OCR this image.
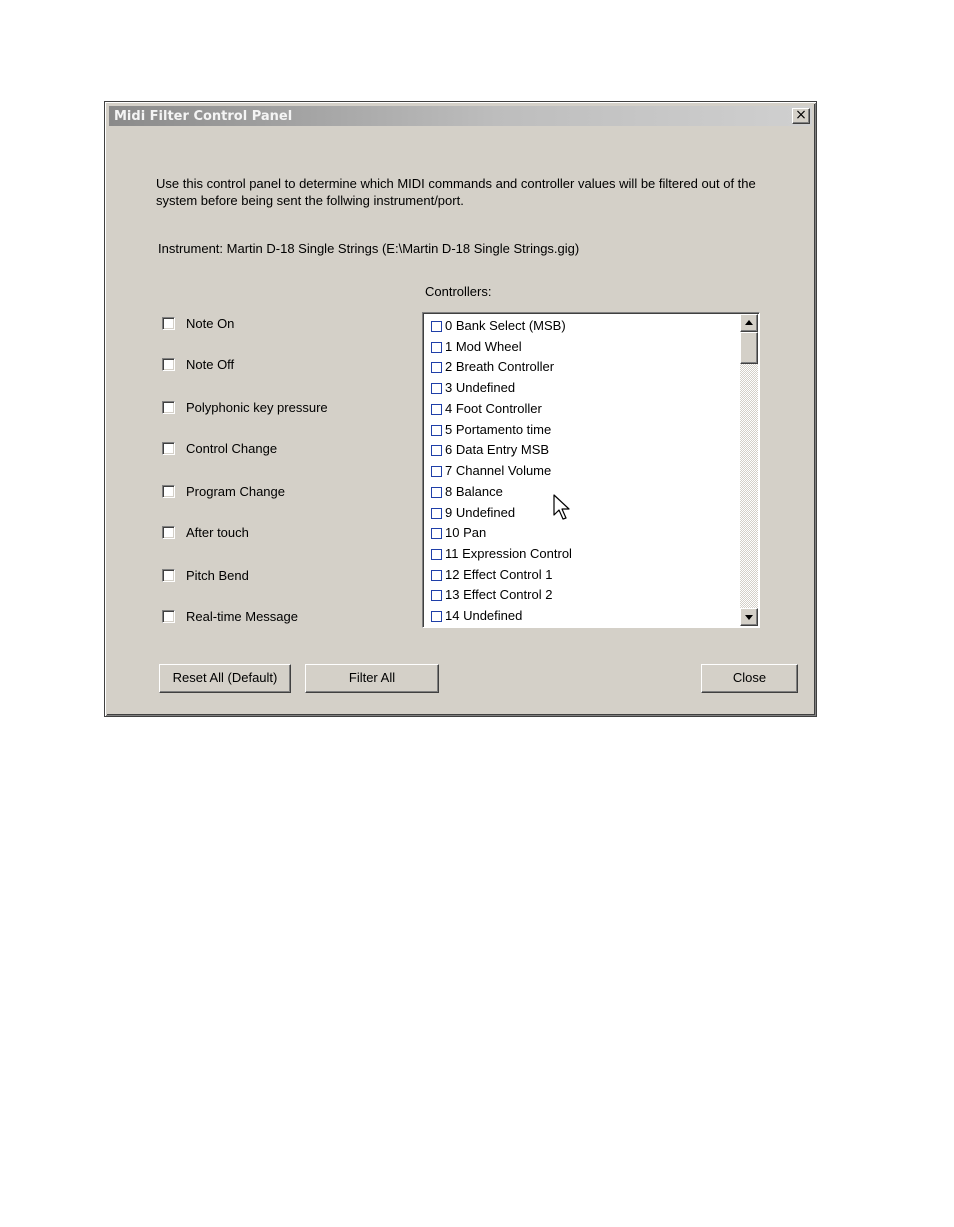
Midi Filter Control Panel	×
Use this control panel to determine which MIDI commands and controller values will be filtered out of the system before being sent the follwing instrument/port.
Instrument: Martin D-18 Single Strings (E:\Martin D-18 Single Strings.gig)
Controllers:
Note On
Note Off
Polyphonic key pressure
Control Change
Program Change
After touch
Pitch Bend
Real-time Message
0 Bank Select (MSB)
1 Mod Wheel
2 Breath Controller
3 Undefined
4 Foot Controller
5 Portamento time
6 Data Entry MSB
7 Channel Volume
8 Balance
9 Undefined
10 Pan
11 Expression Control
12 Effect Control 1
13 Effect Control 2
14 Undefined
Reset All (Default)	Filter All	Close
